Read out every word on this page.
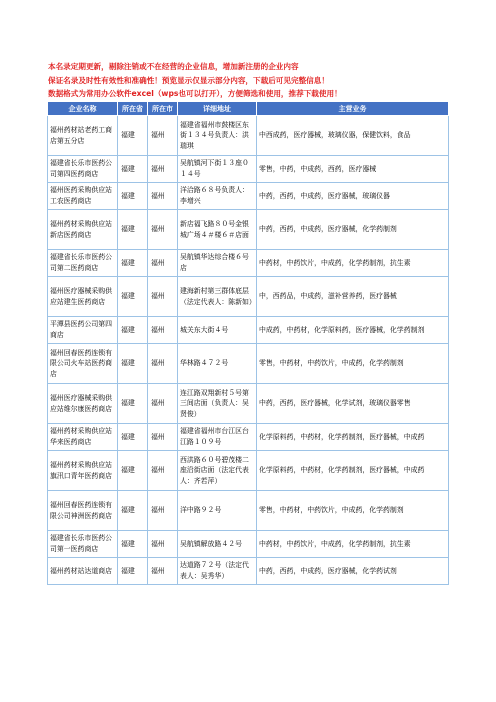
本名录定期更新，剔除注销或不在经营的企业信息，增加新注册的企业内容
保证名录及时性有效性和准确性！预览显示仅显示部分内容，下载后可见完整信息！
数据格式为常用办公软件excel（wps也可以打开），方便筛选和使用，推荐下载使用！
企业名称	所在省	所在市	详细地址	主营业务
福州药材站老药工商店第五分店	福建	福州	福建省福州市鼓楼区东街１３４号负责人：洪瑞琪	中西成药，医疗器械，玻璃仪器，保健饮料，食品
福建省长乐市医药公司第四医药商店	福建	福州	吴航镇河下街１３座０１４号	零售，中药，中成药，西药，医疗器械
福州医药采购供应站工农医药商店	福建	福州	洋洽路６８号负责人：李增兴	中药，西药，中成药，医疗器械，玻璃仪器
福州药材采购供应站新店医药商店	福建	福州	新店福飞路８０号金银城广场４＃楼６＃店面	中药，西药，中成药，医疗器械，化学药制剂
福建省长乐市医药公司第二医药商店	福建	福州	吴航镇华达综合楼６号店	中药材，中药饮片，中成药，化学药制剂，抗生素
福州医疗器械采购供应站建生医药商店	福建	福州	建海新村第三群体底层（法定代表人：陈新如）	中，西药品，中成药，滋补营养药，医疗器械
平潭县医药公司第四商店	福建	福州	城关东大街４号	中成药，中药材，化学原料药，医疗器械，化学药制剂
福州回春医药连锁有限公司火车站医药商店	福建	福州	华林路４７２号	零售，中药材，中药饮片，中成药，化学药制剂
福州医疗器械采购供应站维尔康医药商店	福建	福州	连江路双翔新村５号第三间店面（负责人：吴贤俊）	中药，西药，医疗器械，化学试剂，玻璃仪器零售
福州药材采购供应站华来医药商店	福建	福州	福建省福州市台江区台江路１０９号	化学原料药，中药材，化学药制剂，医疗器械，中成药
福州药材采购供应站旗汛口青年医药商店	福建	福州	西洪路６０号碧茂楼二座沿街店面（法定代表人：齐若萍）	化学原料药，中药材，化学药制剂，医疗器械，中成药
福州回春医药连锁有限公司神洲医药商店	福建	福州	洋中路９２号	零售，中药材，中药饮片，中成药，化学药制剂
福建省长乐市医药公司第一医药商店	福建	福州	吴航镇解放路４２号	中药材，中药饮片，中成药，化学药制剂，抗生素
福州药材站达道商店	福建	福州	达道路７２号（法定代表人：吴秀华）	中药，西药，中成药，医疗器械，化学药试剂
